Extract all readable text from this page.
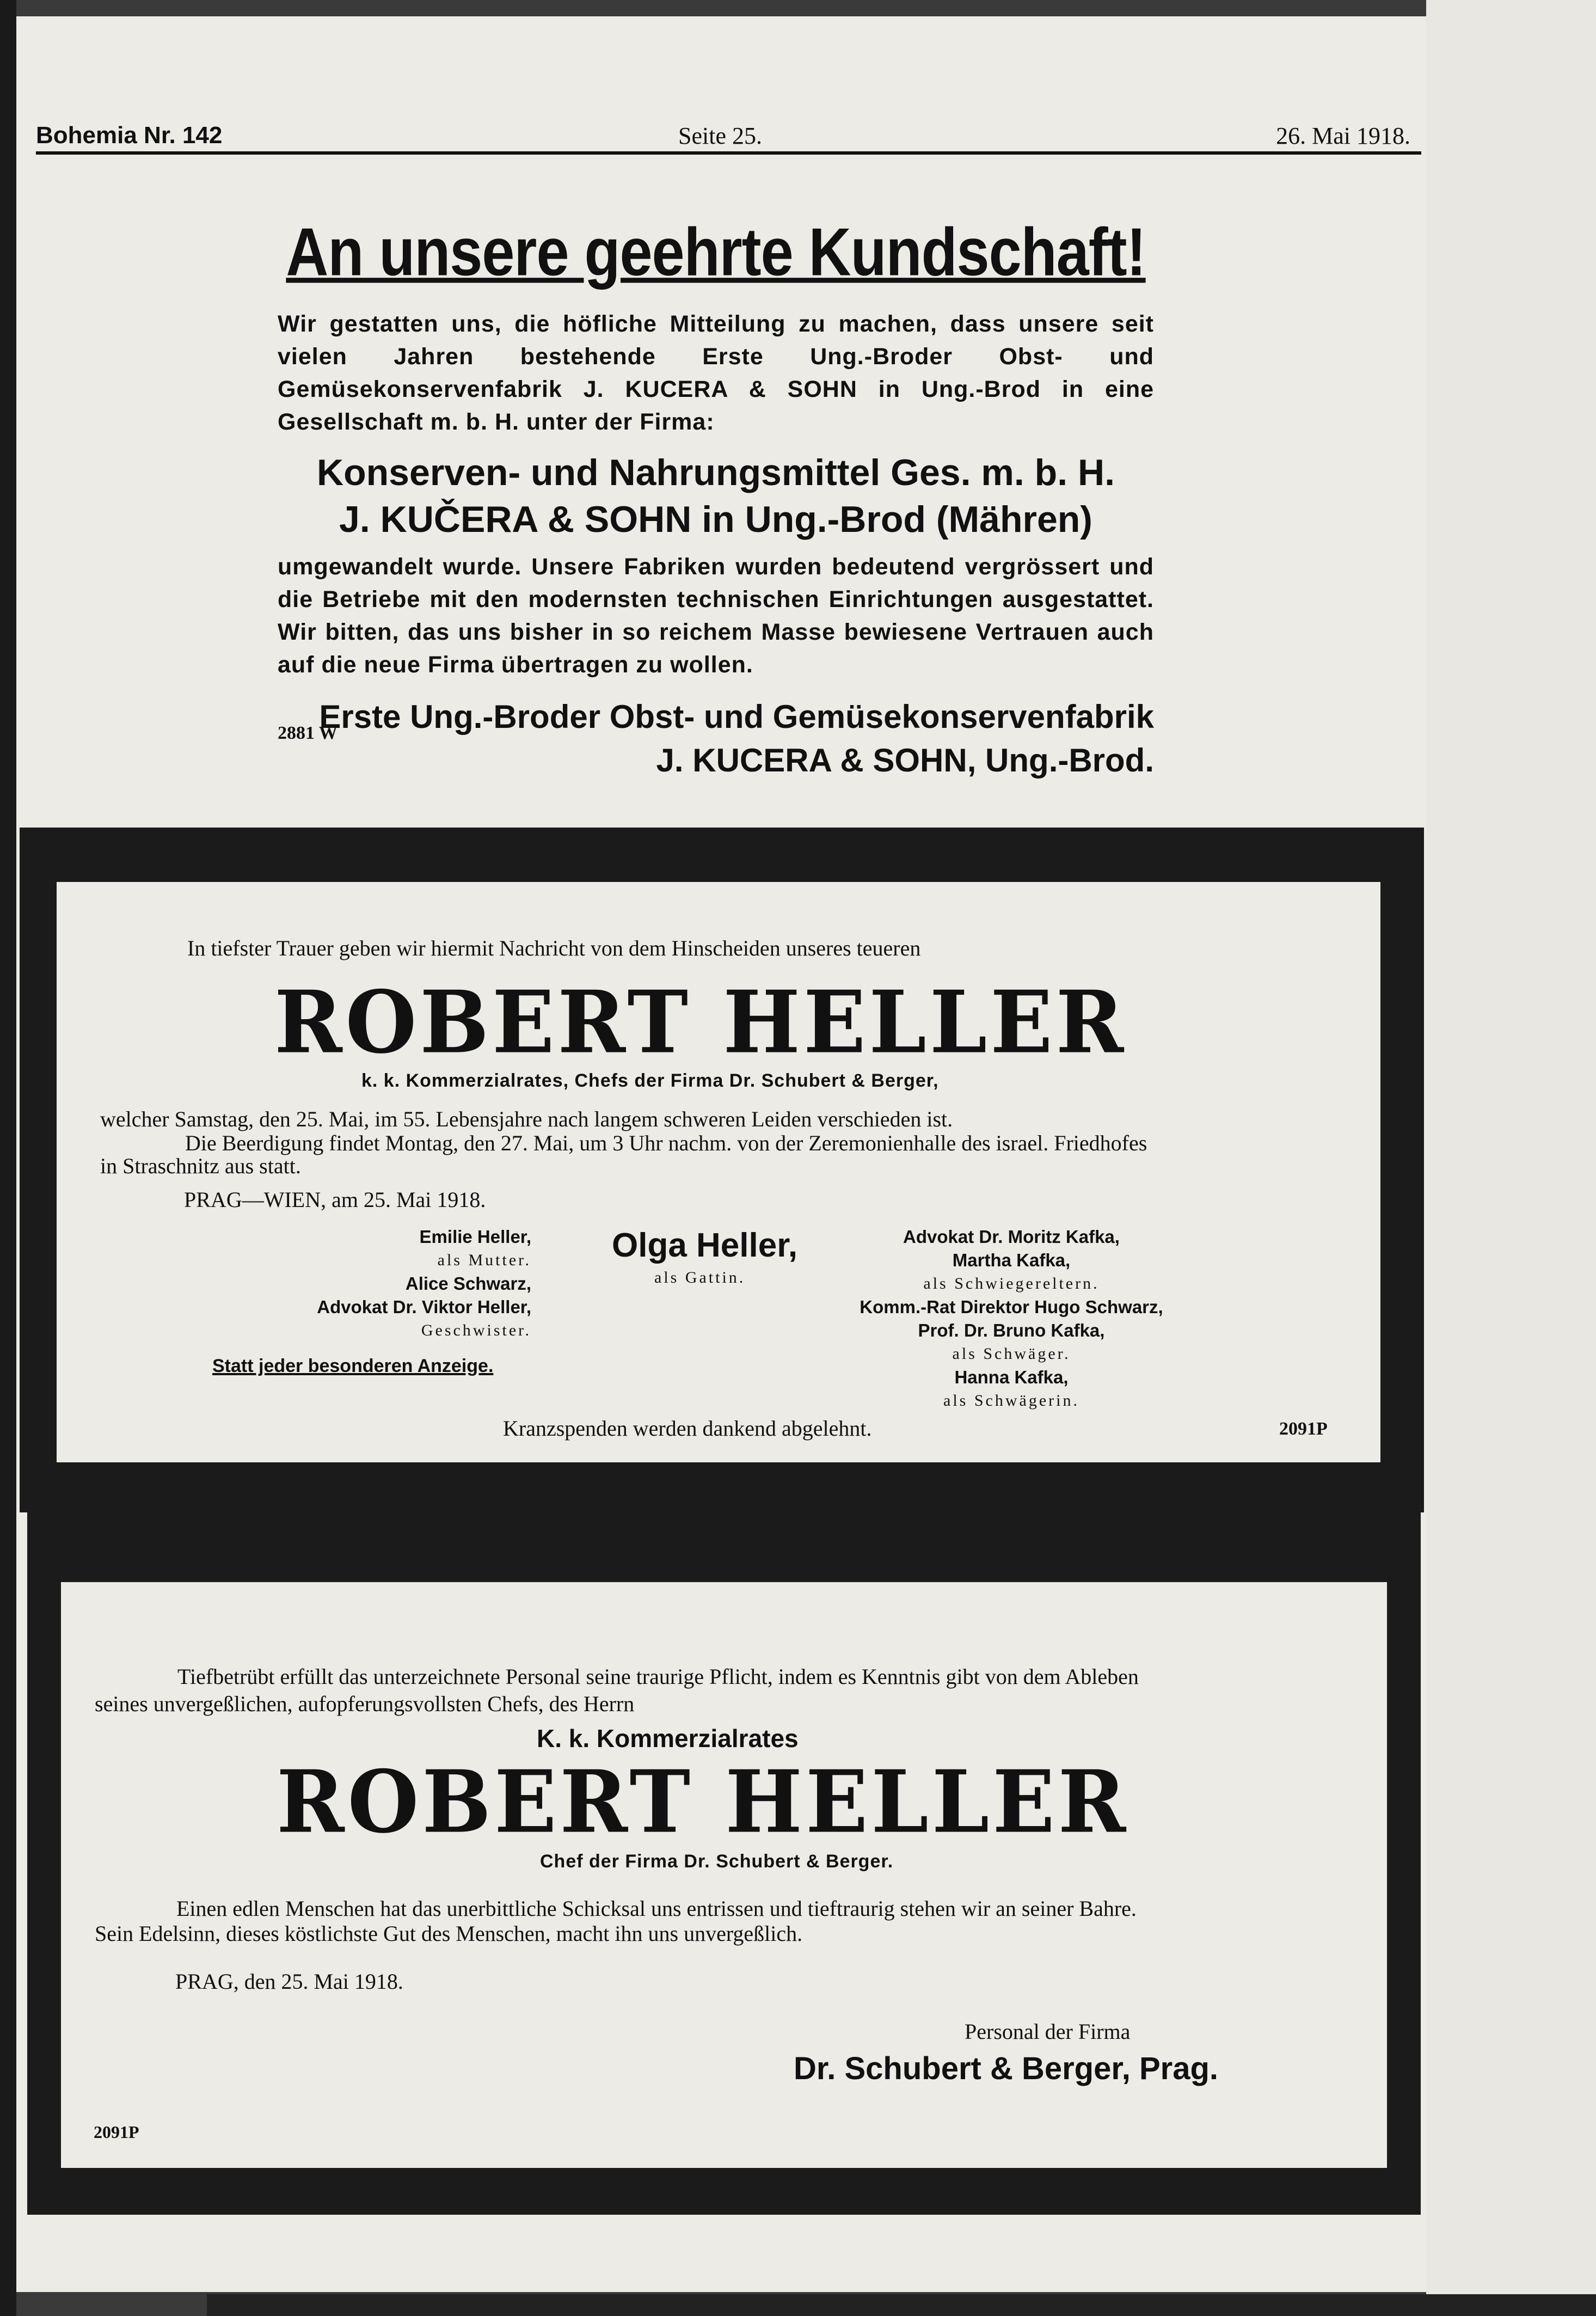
Bohemia Nr. 142	Seite 25.	26. Mai 1918.
An unsere geehrte Kundschaft!
Wir gestatten uns, die höfliche Mitteilung zu machen, dass unsere seit vielen Jahren bestehende Erste Ung.-Broder Obst- und Gemüsekonservenfabrik J. KUCERA & SOHN in Ung.-Brod in eine Gesellschaft m. b. H. unter der Firma:
Konserven- und Nahrungsmittel Ges. m. b. H.
J. KUČERA & SOHN in Ung.-Brod (Mähren)
umgewandelt wurde. Unsere Fabriken wurden bedeutend vergrössert und die Betriebe mit den modernsten technischen Einrichtungen ausgestattet. Wir bitten, das uns bisher in so reichem Masse bewiesene Vertrauen auch auf die neue Firma übertragen zu wollen.
Erste Ung.-Broder Obst- und Gemüsekonservenfabrik
J. KUCERA & SOHN, Ung.-Brod.
2881 W
In tiefster Trauer geben wir hiermit Nachricht von dem Hinscheiden unseres teueren
ROBERT HELLER
k. k. Kommerzialrates, Chefs der Firma Dr. Schubert & Berger,
welcher Samstag, den 25. Mai, im 55. Lebensjahre nach langem schweren Leiden verschieden ist.
Die Beerdigung findet Montag, den 27. Mai, um 3 Uhr nachm. von der Zeremonienhalle des israel. Friedhofes
in Straschnitz aus statt.
PRAG—WIEN, am 25. Mai 1918.
Emilie Heller,
als Mutter.
Alice Schwarz,
Advokat Dr. Viktor Heller,
Geschwister.
Olga Heller,
als Gattin.
Advokat Dr. Moritz Kafka,
Martha Kafka,
als Schwiegereltern.
Komm.-Rat Direktor Hugo Schwarz,
Prof. Dr. Bruno Kafka,
als Schwäger.
Hanna Kafka,
als Schwägerin.
Statt jeder besonderen Anzeige.
Kranzspenden werden dankend abgelehnt.	2091P
Tiefbetrübt erfüllt das unterzeichnete Personal seine traurige Pflicht, indem es Kenntnis gibt von dem Ableben
seines unvergeßlichen, aufopferungsvollsten Chefs, des Herrn
K. k. Kommerzialrates
ROBERT HELLER
Chef der Firma Dr. Schubert & Berger.
Einen edlen Menschen hat das unerbittliche Schicksal uns entrissen und tieftraurig stehen wir an seiner Bahre.
Sein Edelsinn, dieses köstlichste Gut des Menschen, macht ihn uns unvergeßlich.
PRAG, den 25. Mai 1918.
Personal der Firma
Dr. Schubert & Berger, Prag.
2091P
